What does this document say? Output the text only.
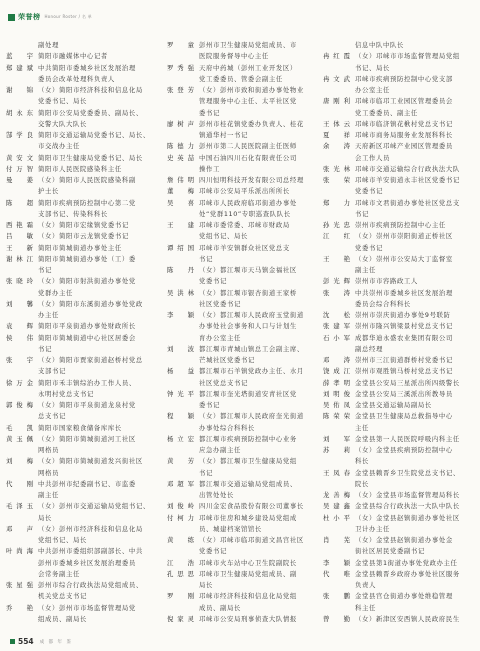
荣誉榜 Honour Roster / 名 单
副处理
蓝 宇 简阳市融媒体中心记者
郑建斌 中共简阳市委城乡社区发展治理
委员会改革处理科负责人
谢 锦 （女）简阳市经济科技和信息化局
党委书记、局长
胡永东 简阳市公安局党委委员、副局长、
交警大队大队长
郜学良 简阳市交通运输局党委书记、局长、
市交战办主任
黄安文 简阳市卫生健康局党委书记、局长
付万智 简阳市人民医院感染科主任
曼 姜 （女）简阳市人民医院感染科副
护士长
陈 超 简阳市疾病预防控制中心第二党
支部书记、传染科科长
西艳霜 （女）简阳市宏缘镇党委书记
吕 敏 （女）简阳市云龙镇党委书记
王 新 简阳市简城街道办事处主任
谢林江 简阳市简城街道办事处（工）委
书记
张晓玲 （女）简阳市射洪街道办事处党
党群办主任
刘 馨 （女）简阳市东溪街道办事处党政
办主任
袁 辉 简阳市平泉街道办事处财政所长
侯 伟 简阳市简城街道中心社区居委会
书记
张 宇 （女）简阳市贾家街道赵桥村党总
支部书记
徐万金 简阳市禾丰镇综治办工作人员、
永明村党总支书记
郭俊梅 （女）简阳市平泉街道龙泉村党
总支书记
毛 凯 简阳市国家粮食储备库库长
黄玉佩 （女）简阳市简城街道河工社区
网格员
刘 梅 （女）简阳市简城街道发兴街社区
网格员
代 刚 中共彭州市纪委副书记、市监委
副主任
毛泽玉 （女）彭州市交通运输局党组书记、
局长
邓 声 （女）彭州市经济科技和信息化局
党组书记、局长
叶尚海 中共彭州市委组织部副部长、中共
彭州市委城乡社区发展治理委员
会常务副主任
张星强 彭州市综合行政执法局党组成员、
机关党总支书记
乔 艳 （女）彭州市市场监督管理局党
组成员、副局长
罗 童 彭州市卫生健康局党组成员、市
医院服务督导中心主任
罗秀强 天府中药城（彭州工业开发区）
党工委委员、管委会副主任
张登芳 （女）彭州市致和街道办事处物业
管理服务中心主任、太平社区党
委书记
廖树声 彭州市桂花镇党委办负责人、桂花
镇通华村一书记
陈德力 彭州市第二人民医院副主任医师
史英喆 中国石油四川石化有限责任公司
操作工
詹伟明 四川恒明科技开发有限公司总经理
董 梅 邛崃市公安局平乐派出所所长
吴 喜 邛崃市人民政府临邛街道办事处
处“党群110”专职巡查队队长
王 建 邛崃市委常委、邛崃市财政局
党组书记、局长
谭绍国 邛崃市羊安镇群众社区党总支
书记
陈 丹 （女）都江堰市天马镇金福社区
党委书记
吴洪林 （女）都江堰市银杏街道王家桥
社区党委书记
李 颖 （女）都江堰市人民政府玉堂街道
办事处社会事务和人口与计划生
育办公室主任
刘 波 都江堰市青城山镇总工会副主席、
芒城社区党委书记
杨 益 都江堰市石羊镇党政办主任、水月
社区党总支书记
钟光平 都江堰市奎光塔街道安青社区党
委书记
程 颖 （女）都江堰市人民政府奎光街道
办事处综合科科长
杨立宏 都江堰市疾病预防控制中心业务
应急办副主任
黄 芳 （女）都江堰市卫生健康局党组
书记
邓超军 都江堰市交通运输局党组成员、
出管处处长
刘俊岭 四川金宏食品股份有限公司董事长
付柯力 邛崃市住房和城乡建设局党组成
员、城建档案馆馆长
黄 练 （女）邛崃市临邛街道文昌宫社区
党委书记
江 浩 邛崃市火车站中心卫生院副院长
孔思思 邛崃市卫生健康局党组成员、副
局长
罗 刚 邛崃市经济科技和信息化局党组
成员、副局长
倪家灵 邛崃市公安局刑事侦查大队情报
信息中队中队长
冉红霞 （女）邛崃市市场监督管理局党组
书记、局长
冉文武 邛崃市疾病预防控制中心党支部
办公室主任
唐刚利 邛崃市临邛工业园区管理委员会
党工委委员、副主任
王体云 邛崃市临济镇花楸村党总支书记
夏 祥 邛崃市商务局服务业发展科科长
余 涛 天府新区邛崃产业园区管理委员
会工作人员
张光林 邛崃市交通运输综合行政执法大队
张 荣 邛崃市羊安街道永丰社区党委书记
党委书记
郑 力 邛崃市文君街道办事处社区党总支
书记
孙光忠 崇州市疾病预防控制中心主任
江 红 （女）崇州市崇阳街道正桥社区
党委书记
王 艳 （女）崇州市公安局大丁监督室
副主任
彭光辉 崇州市市容路政工人
张 涛 中共崇州市委城乡社区发展治理
委员会综合科科长
沈 松 崇州市崇庆街道办事处9号联防
张建军 崇州市隆兴镇梁景村党总支书记
石小军 成都华迪永盛农业集团有限公司
副总经理
邓 涛 崇州市三江街道群桥村党委书记
饶成江 崇州市观胜镇马桥村党总支书记
薛孝明 金堂县公安局三星派出所四级警长
刘明俊 金堂县公安局三溪派出所教导员
吴佑凤 金堂县交通运输局副局长
陈荣荣 金堂县卫生健康局总救指导中心
主任
刘 军 金堂县第一人民医院呼吸内科主任
苏 莉 （女）金堂县疾病预防控制中心
科长
王凤春 金堂县赖晋乡卫生院党总支书记、
院长
龙善梅 （女）金堂县市场监督管理局科长
吴建鑫 金堂县综合行政执法一大队中队长
杜小平 （女）金堂县赵镇街道办事处社区
卫计办主任
肖 芜 （女）金堂县赵镇街道办事处金
街社区居民党委副书记
李 颖 金堂县第1街道办事处党政办主任
代 唯 金堂县赖晋乡政府办事处社区服务
负责人
张 鹏 金堂县官仓街道办事处维稳管理
科主任
曾 勤 （女）新津区安西镇人民政府民生
554 成 都 年 鉴
